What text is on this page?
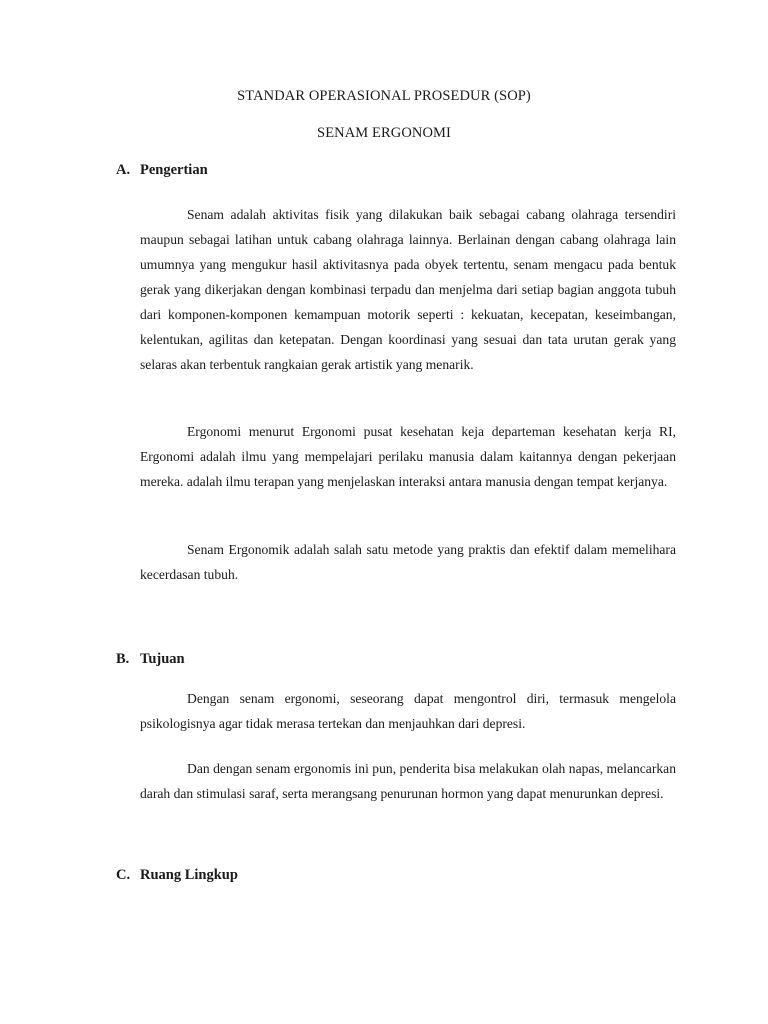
STANDAR OPERASIONAL PROSEDUR (SOP)
SENAM ERGONOMI
A. Pengertian

Senam adalah aktivitas fisik yang dilakukan baik sebagai cabang olahraga tersendiri maupun sebagai latihan untuk cabang olahraga lainnya. Berlainan dengan cabang olahraga lain umumnya yang mengukur hasil aktivitasnya pada obyek tertentu, senam mengacu pada bentuk gerak yang dikerjakan dengan kombinasi terpadu dan menjelma dari setiap bagian anggota tubuh dari komponen-komponen kemampuan motorik seperti : kekuatan, kecepatan, keseimbangan, kelentukan, agilitas dan ketepatan. Dengan koordinasi yang sesuai dan tata urutan gerak yang selaras akan terbentuk rangkaian gerak artistik yang menarik.

Ergonomi menurut Ergonomi pusat kesehatan keja departeman kesehatan kerja RI, Ergonomi adalah ilmu yang mempelajari perilaku manusia dalam kaitannya dengan pekerjaan mereka. adalah ilmu terapan yang menjelaskan interaksi antara manusia dengan tempat kerjanya.

Senam Ergonomik adalah salah satu metode yang praktis dan efektif dalam memelihara kecerdasan tubuh.

B. Tujuan

Dengan senam ergonomi, seseorang dapat mengontrol diri, termasuk mengelola psikologisnya agar tidak merasa tertekan dan menjauhkan dari depresi.

Dan dengan senam ergonomis ini pun, penderita bisa melakukan olah napas, melancarkan darah dan stimulasi saraf, serta merangsang penurunan hormon yang dapat menurunkan depresi.

C. Ruang Lingkup
